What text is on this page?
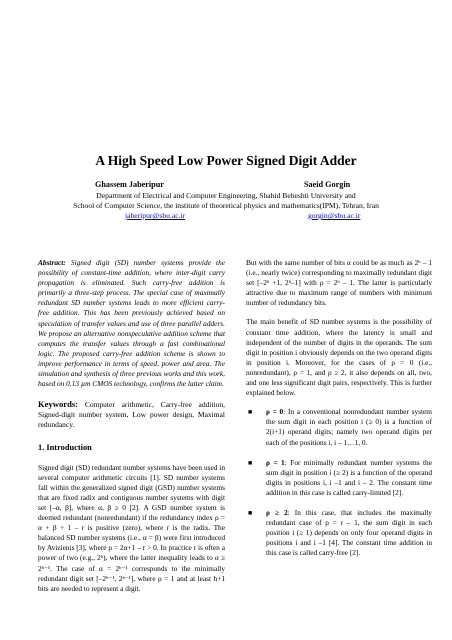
A High Speed Low Power Signed Digit Adder
Ghassem Jaberipur	Saeid Gorgin
Department of Electrical and Computer Engineering, Shahid Beheshti University and
School of Computer Science, the institute of theoretical physics and mathematics(IPM), Tehran, Iran
jaberipur@sbu.ac.ir	gorgin@sbu.ac.ir

Abstract: Signed digit (SD) number systems provide the possibility of constant-time addition, where inter-digit carry propagation is eliminated. Such carry-free addition is primarily a three-step process. The special case of maximally redundant SD number systems leads to more efficient carry-free addition. This has been previously achieved based on speculation of transfer values and use of three parallel adders. We propose an alternative nonspeculative addition scheme that computes the transfer values through a fast combinational logic. The proposed carry-free addition scheme is shown to improve performance in terms of speed, power and area. The simulation and synthesis of three previous works and this work, based on 0.13 µm CMOS technology, confirms the latter claim.

Keywords: Computer arithmetic, Carry-free addition, Signed-digit number system, Low power design, Maximal redundancy.

1. Introduction

Signed digit (SD) redundant number systems have been used in several computer arithmetic circuits [1]. SD number systems fall within the generalized signed digit (GSD) number systems that are fixed radix and contiguous number systems with digit set [–α, β], where α, β ≥ 0 [2]. A GSD number system is deemed redundant (nonredundant) if the redundancy index ρ = α + β + 1 – r is positive (zero), where r is the radix. The balanced SD number systems (i.e., α = β) were first introduced by Avizienis [3], where ρ = 2α+1 – r > 0. In practice r is often a power of two (e.g., 2ʰ), where the latter inequality leads to α ≥ 2ʰ⁻¹. The case of α = 2ʰ⁻¹ corresponds to the minimally redundant digit set [–2ʰ⁻¹, 2ʰ⁻¹], where ρ = 1 and at least h+1 bits are needed to represent a digit.

But with the same number of bits α could be as much as 2ʰ – 1 (i.e., nearly twice) corresponding to maximally redundant digit set [–2ʰ +1, 2ʰ–1] with ρ = 2ʰ – 1. The latter is particularly attractive due to maximum range of numbers with minimum number of redundancy bits.

The main benefit of SD number systems is the possibility of constant time addition, where the latency is small and independent of the number of digits in the operands. The sum digit in position i obviously depends on the two operand digits in position i. Moreover, for the cases of ρ = 0 (i.e., nonredundant), ρ = 1, and ρ ≥ 2, it also depends on all, two, and one less significant digit pairs, respectively. This is further explained below.

■ ρ = 0: In a conventional nonredundant number system the sum digit in each position i (≥ 0) is a function of 2(i+1) operand digits; namely two operand digits per each of the positions i, i – 1…1, 0.
■ ρ = 1: For minimally redundant number systems the sum digit in position i (≥ 2) is a function of the operand digits in positions i, i –1 and i – 2. The constant time addition in this case is called carry-limited [2].
■ ρ ≥ 2: In this case, that includes the maximally redundant case of ρ = r – 1, the sum digit in each position i (≥ 1) depends on only four operand digits in positions i and i –1 [4]. The constant time addition in this case is called carry-free [2].
